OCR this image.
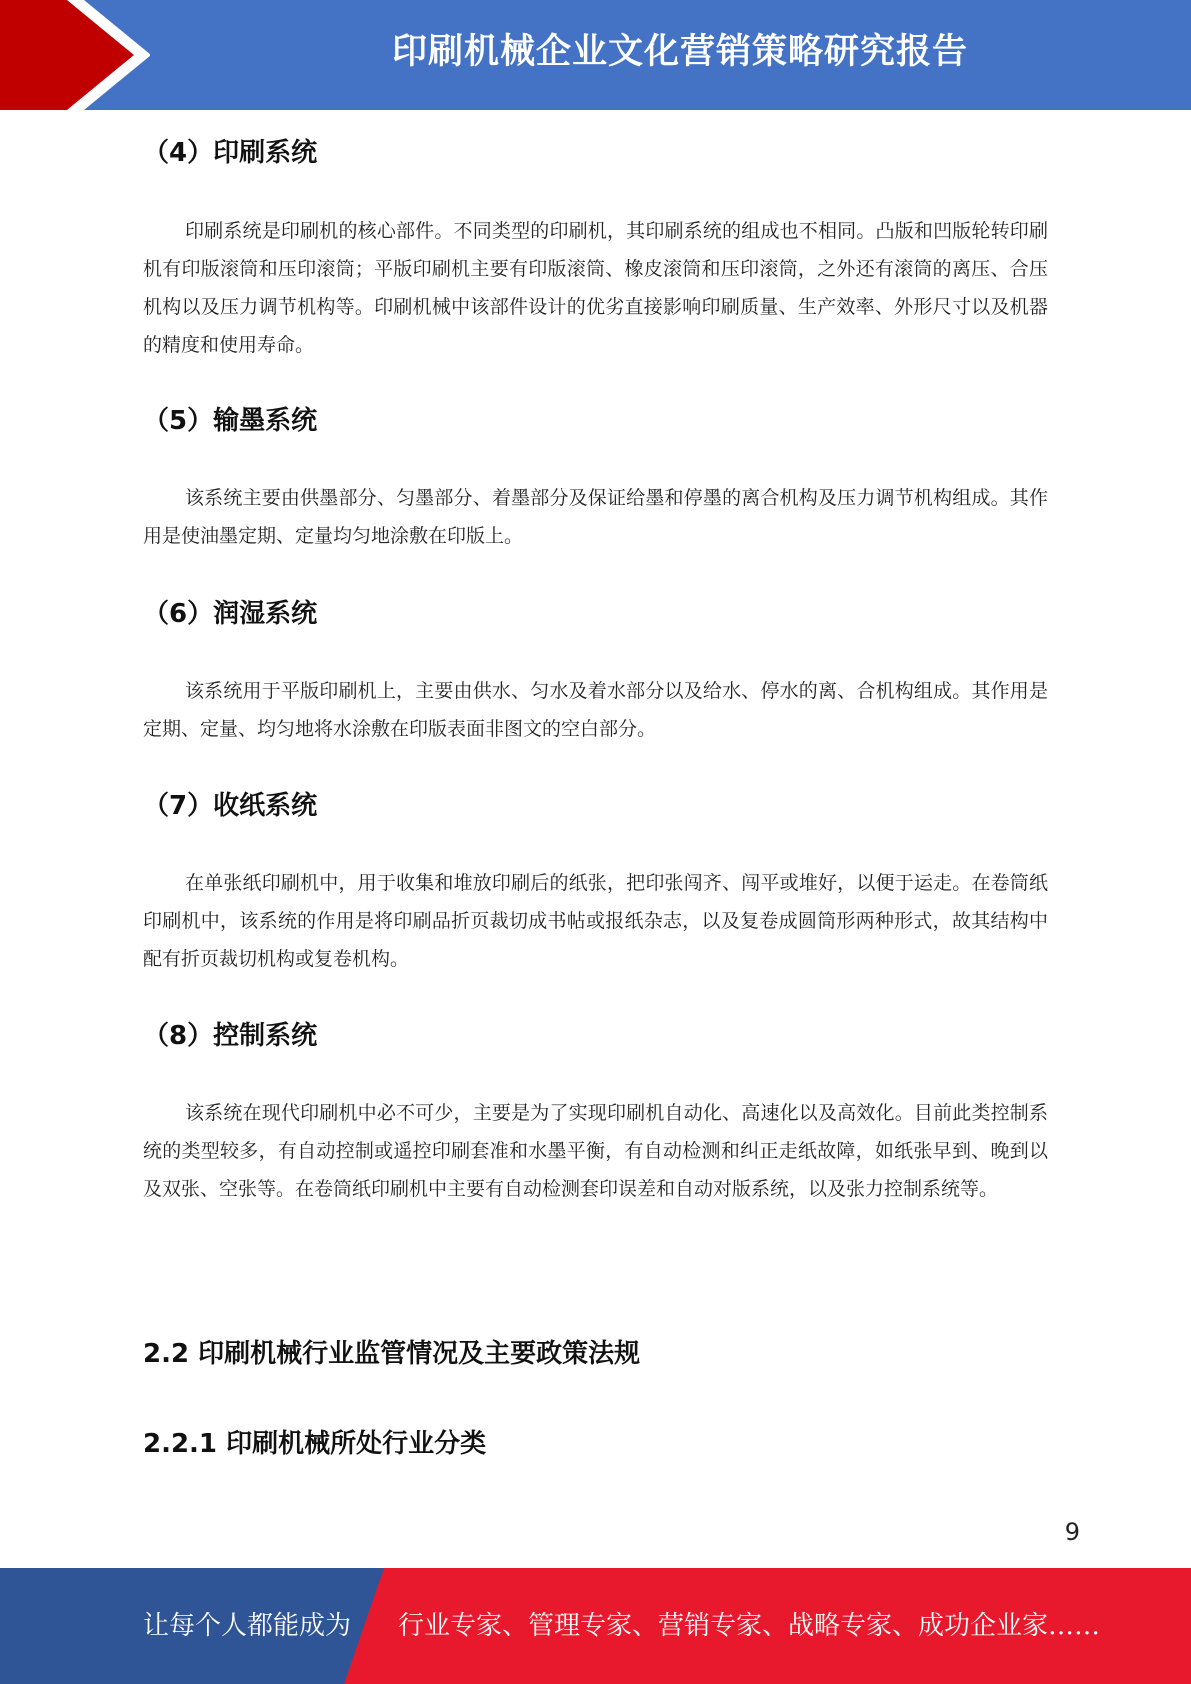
印刷机械企业文化营销策略研究报告
（4）印刷系统
印刷系统是印刷机的核心部件。不同类型的印刷机，其印刷系统的组成也不相同。凸版和凹版轮转印刷机有印版滚筒和压印滚筒；平版印刷机主要有印版滚筒、橡皮滚筒和压印滚筒，之外还有滚筒的离压、合压机构以及压力调节机构等。印刷机械中该部件设计的优劣直接影响印刷质量、生产效率、外形尺寸以及机器的精度和使用寿命。
（5）输墨系统
该系统主要由供墨部分、匀墨部分、着墨部分及保证给墨和停墨的离合机构及压力调节机构组成。其作用是使油墨定期、定量均匀地涂敷在印版上。
（6）润湿系统
该系统用于平版印刷机上，主要由供水、匀水及着水部分以及给水、停水的离、合机构组成。其作用是定期、定量、均匀地将水涂敷在印版表面非图文的空白部分。
（7）收纸系统
在单张纸印刷机中，用于收集和堆放印刷后的纸张，把印张闯齐、闯平或堆好，以便于运走。在卷筒纸印刷机中，该系统的作用是将印刷品折页裁切成书帖或报纸杂志，以及复卷成圆筒形两种形式，故其结构中配有折页裁切机构或复卷机构。
（8）控制系统
该系统在现代印刷机中必不可少，主要是为了实现印刷机自动化、高速化以及高效化。目前此类控制系统的类型较多，有自动控制或遥控印刷套准和水墨平衡，有自动检测和纠正走纸故障，如纸张早到、晚到以及双张、空张等。在卷筒纸印刷机中主要有自动检测套印误差和自动对版系统，以及张力控制系统等。
2.2 印刷机械行业监管情况及主要政策法规
2.2.1 印刷机械所处行业分类
9
让每个人都能成为 行业专家、管理专家、营销专家、战略专家、成功企业家……
